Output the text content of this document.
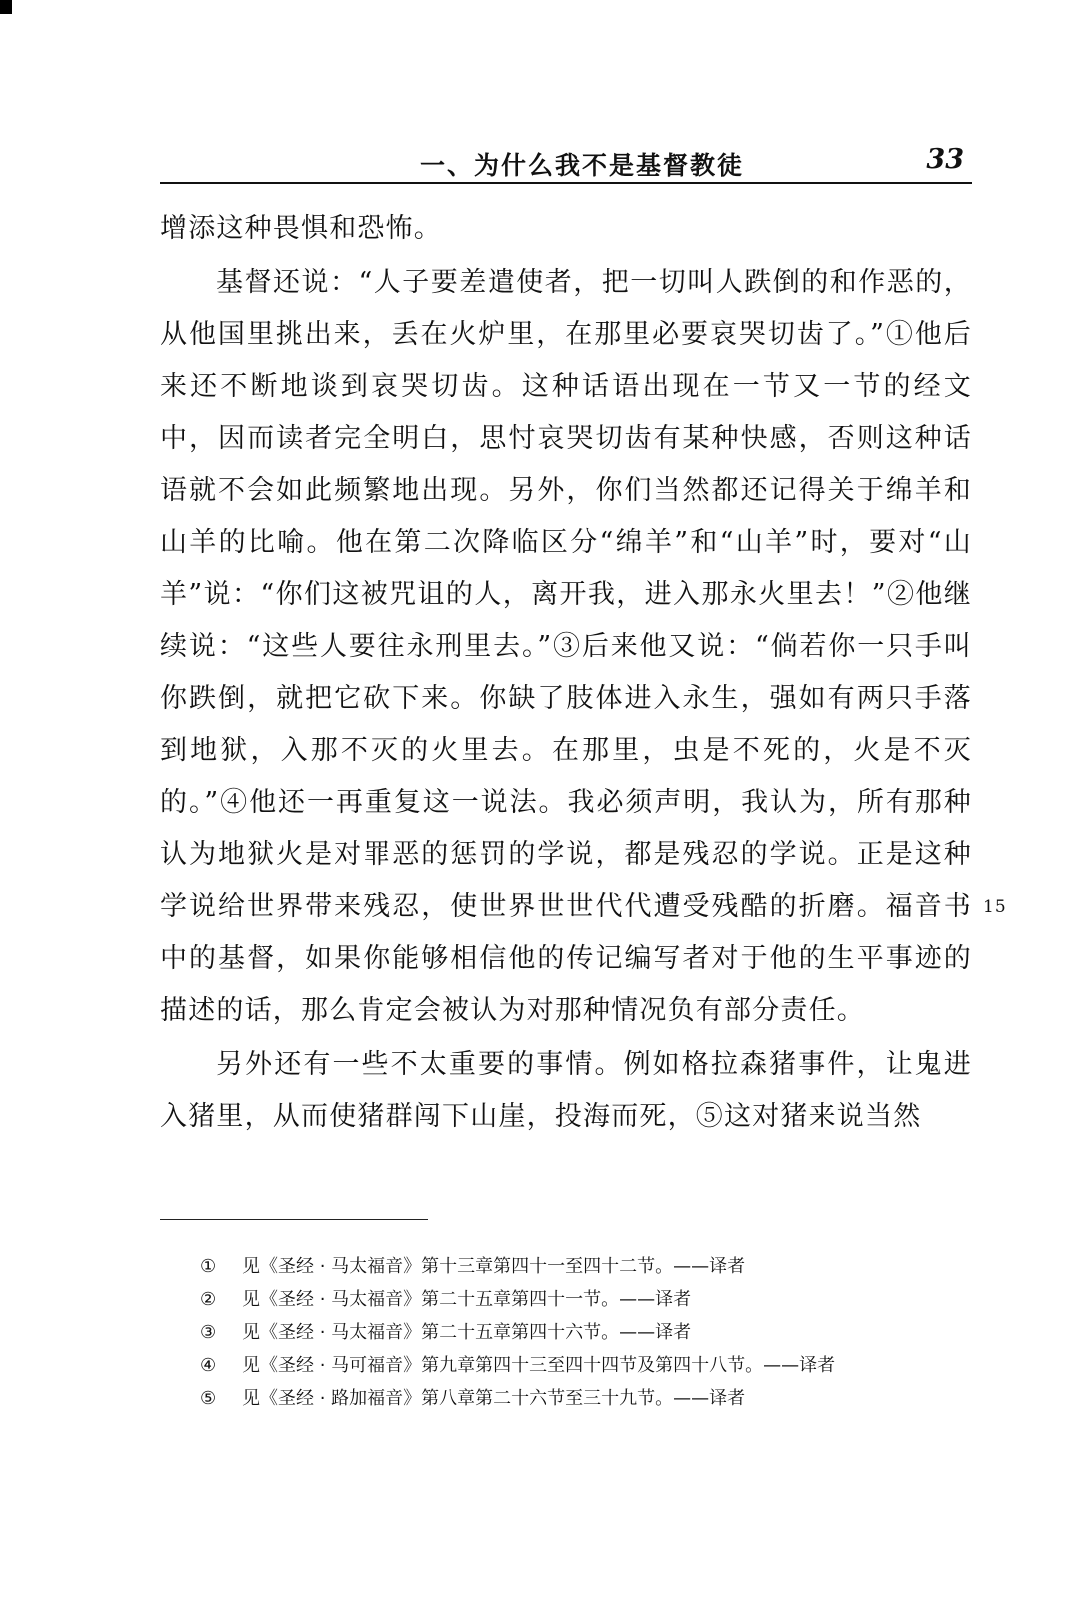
一、为什么我不是基督教徒	33

增添这种畏惧和恐怖。

基督还说：“人子要差遣使者，把一切叫人跌倒的和作恶的，从他国里挑出来，丢在火炉里，在那里必要哀哭切齿了。”①他后来还不断地谈到哀哭切齿。这种话语出现在一节又一节的经文中，因而读者完全明白，思忖哀哭切齿有某种快感，否则这种话语就不会如此频繁地出现。另外，你们当然都还记得关于绵羊和山羊的比喻。他在第二次降临区分“绵羊”和“山羊”时，要对“山羊”说：“你们这被咒诅的人，离开我，进入那永火里去！”②他继续说：“这些人要往永刑里去。”③后来他又说：“倘若你一只手叫你跌倒，就把它砍下来。你缺了肢体进入永生，强如有两只手落到地狱，入那不灭的火里去。在那里，虫是不死的，火是不灭的。”④他还一再重复这一说法。我必须声明，我认为，所有那种认为地狱火是对罪恶的惩罚的学说，都是残忍的学说。正是这种学说给世界带来残忍，使世界世世代代遭受残酷的折磨。福音书中的基督，如果你能够相信他的传记编写者对于他的生平事迹的描述的话，那么肯定会被认为对那种情况负有部分责任。

另外还有一些不太重要的事情。例如格拉森猪事件，让鬼进入猪里，从而使猪群闯下山崖，投海而死，⑤这对猪来说当然

15
①	见《圣经 · 马太福音》第十三章第四十一至四十二节。——译者
②	见《圣经 · 马太福音》第二十五章第四十一节。——译者
③	见《圣经 · 马太福音》第二十五章第四十六节。——译者
④	见《圣经 · 马可福音》第九章第四十三至四十四节及第四十八节。——译者
⑤	见《圣经 · 路加福音》第八章第二十六节至三十九节。——译者
